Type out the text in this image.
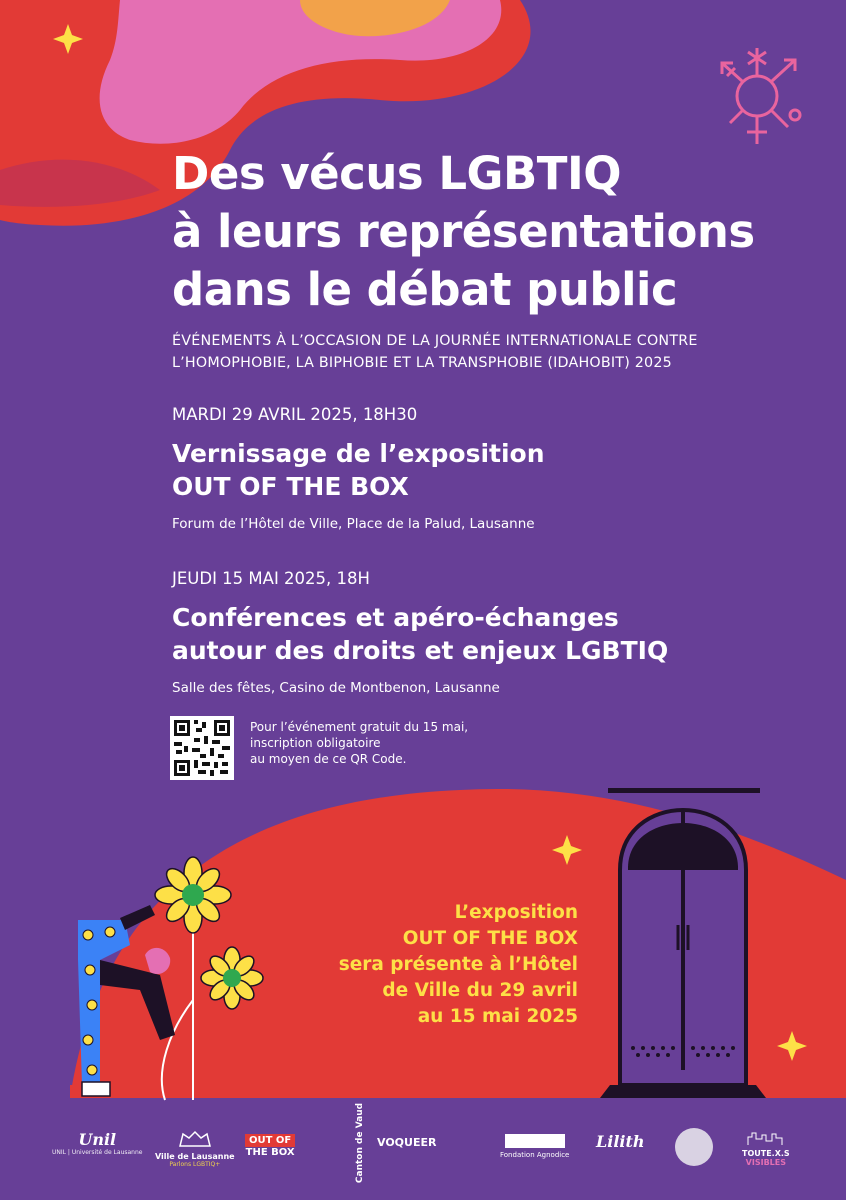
Des vécus LGBTIQ
à leurs représentations
dans le débat public
ÉVÉNEMENTS À L’OCCASION DE LA JOURNÉE INTERNATIONALE CONTRE
L’HOMOPHOBIE, LA BIPHOBIE ET LA TRANSPHOBIE (IDAHOBIT) 2025
MARDI 29 AVRIL 2025, 18H30
Vernissage de l’exposition
OUT OF THE BOX
Forum de l’Hôtel de Ville, Place de la Palud, Lausanne
JEUDI 15 MAI 2025, 18H
Conférences et apéro-échanges
autour des droits et enjeux LGBTIQ
Salle des fêtes, Casino de Montbenon, Lausanne
Pour l’événement gratuit du 15 mai,
inscription obligatoire
au moyen de ce QR Code.
L’exposition
OUT OF THE BOX
sera présente à l’Hôtel
de Ville du 29 avril
au 15 mai 2025
Unil
UNIL | Université de Lausanne Ville de Lausanne
Parlons LGBTIQ+
OUT OF
THE BOX	Canton de Vaud VOQUEER
Fondation Agnodice
Lilith
TOUTE.X.S
VISIBLES
